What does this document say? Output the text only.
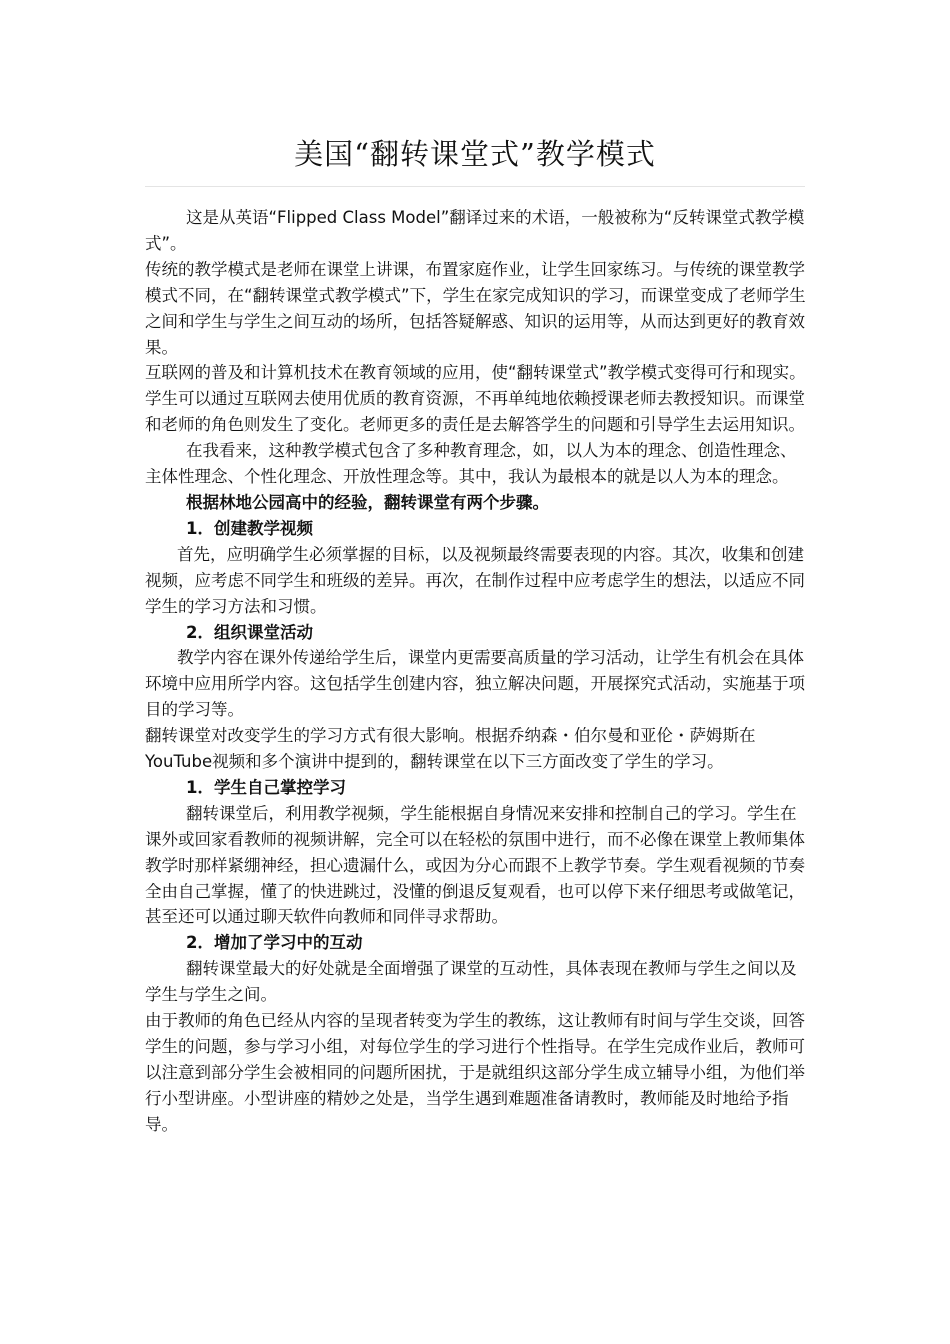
美国“翻转课堂式”教学模式

这是从英语“Flipped Class Model”翻译过来的术语，一般被称为“反转课堂式教学模式”。

传统的教学模式是老师在课堂上讲课，布置家庭作业，让学生回家练习。与传统的课堂教学模式不同，在“翻转课堂式教学模式”下，学生在家完成知识的学习，而课堂变成了老师学生之间和学生与学生之间互动的场所，包括答疑解惑、知识的运用等，从而达到更好的教育效果。

互联网的普及和计算机技术在教育领域的应用，使“翻转课堂式”教学模式变得可行和现实。学生可以通过互联网去使用优质的教育资源，不再单纯地依赖授课老师去教授知识。而课堂和老师的角色则发生了变化。老师更多的责任是去解答学生的问题和引导学生去运用知识。

在我看来，这种教学模式包含了多种教育理念，如，以人为本的理念、创造性理念、主体性理念、个性化理念、开放性理念等。其中，我认为最根本的就是以人为本的理念。

根据林地公园高中的经验，翻转课堂有两个步骤。

1．创建教学视频

首先，应明确学生必须掌握的目标，以及视频最终需要表现的内容。其次，收集和创建视频，应考虑不同学生和班级的差异。再次，在制作过程中应考虑学生的想法，以适应不同学生的学习方法和习惯。

2．组织课堂活动

教学内容在课外传递给学生后，课堂内更需要高质量的学习活动，让学生有机会在具体环境中应用所学内容。这包括学生创建内容，独立解决问题，开展探究式活动，实施基于项目的学习等。

翻转课堂对改变学生的学习方式有很大影响。根据乔纳森・伯尔曼和亚伦・萨姆斯在YouTube视频和多个演讲中提到的，翻转课堂在以下三方面改变了学生的学习。

1．学生自己掌控学习

翻转课堂后，利用教学视频，学生能根据自身情况来安排和控制自己的学习。学生在课外或回家看教师的视频讲解，完全可以在轻松的氛围中进行，而不必像在课堂上教师集体教学时那样紧绷神经，担心遗漏什么，或因为分心而跟不上教学节奏。学生观看视频的节奏全由自己掌握，懂了的快进跳过，没懂的倒退反复观看，也可以停下来仔细思考或做笔记，甚至还可以通过聊天软件向教师和同伴寻求帮助。

2．增加了学习中的互动

翻转课堂最大的好处就是全面增强了课堂的互动性，具体表现在教师与学生之间以及学生与学生之间。

由于教师的角色已经从内容的呈现者转变为学生的教练，这让教师有时间与学生交谈，回答学生的问题，参与学习小组，对每位学生的学习进行个性指导。在学生完成作业后，教师可以注意到部分学生会被相同的问题所困扰，于是就组织这部分学生成立辅导小组，为他们举行小型讲座。小型讲座的精妙之处是，当学生遇到难题准备请教时，教师能及时地给予指导。
